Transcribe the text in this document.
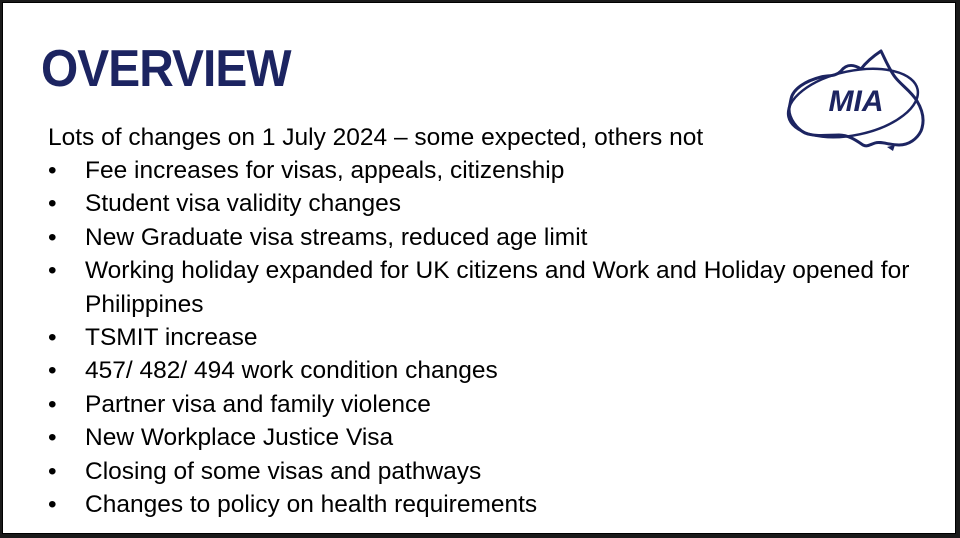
OVERVIEW
MIA

Lots of changes on 1 July 2024 – some expected, others not

• Fee increases for visas, appeals, citizenship
• Student visa validity changes
• New Graduate visa streams, reduced age limit
• Working holiday expanded for UK citizens and Work and Holiday opened for Philippines
• TSMIT increase
• 457/ 482/ 494 work condition changes
• Partner visa and family violence
• New Workplace Justice Visa
• Closing of some visas and pathways
• Changes to policy on health requirements
